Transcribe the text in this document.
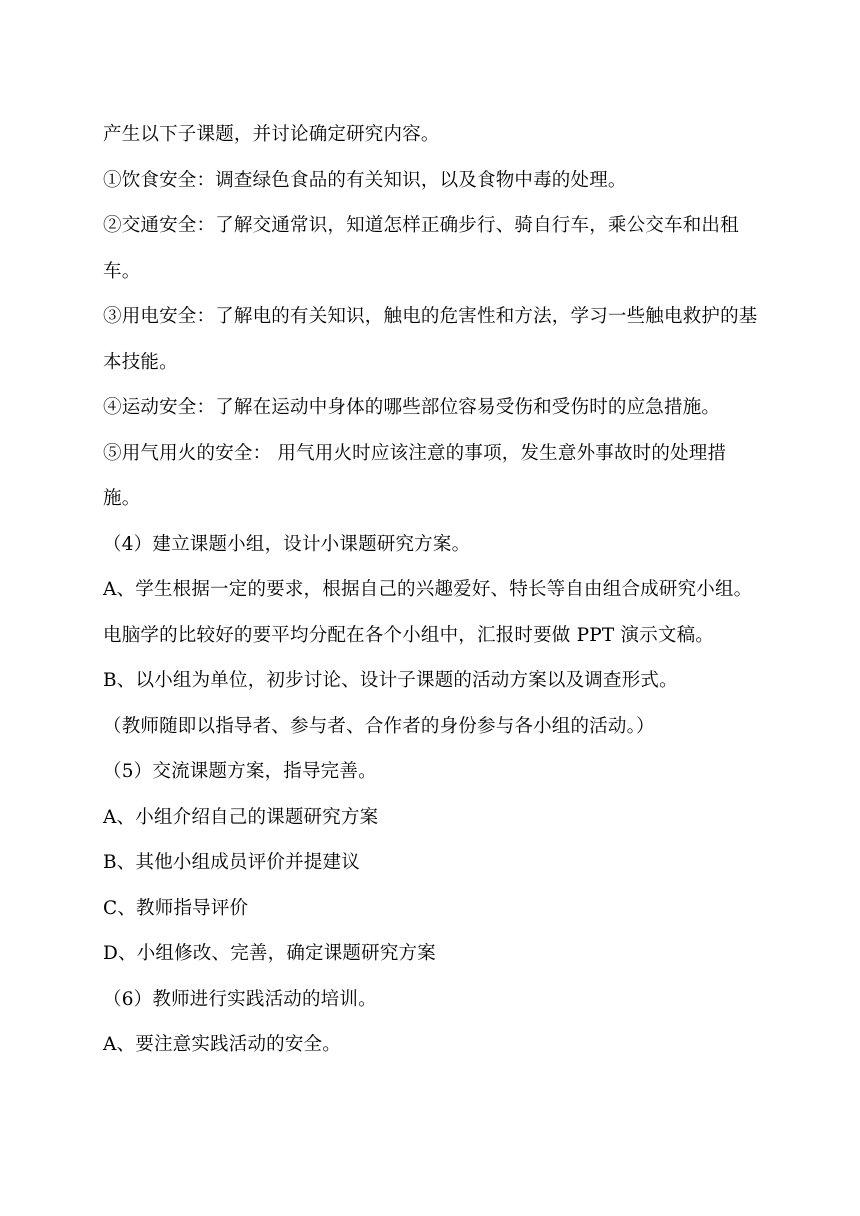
产生以下子课题，并讨论确定研究内容。

①饮食安全：调查绿色食品的有关知识，以及食物中毒的处理。

②交通安全：了解交通常识，知道怎样正确步行、骑自行车，乘公交车和出租车。

③用电安全：了解电的有关知识，触电的危害性和方法，学习一些触电救护的基本技能。

④运动安全：了解在运动中身体的哪些部位容易受伤和受伤时的应急措施。

⑤用气用火的安全： 用气用火时应该注意的事项，发生意外事故时的处理措施。

（4）建立课题小组，设计小课题研究方案。

A、学生根据一定的要求，根据自己的兴趣爱好、特长等自由组合成研究小组。

电脑学的比较好的要平均分配在各个小组中，汇报时要做 PPT 演示文稿。

B、以小组为单位，初步讨论、设计子课题的活动方案以及调查形式。

（教师随即以指导者、参与者、合作者的身份参与各小组的活动。）

（5）交流课题方案，指导完善。

A、小组介绍自己的课题研究方案

B、其他小组成员评价并提建议

C、教师指导评价

D、小组修改、完善，确定课题研究方案

（6）教师进行实践活动的培训。

A、要注意实践活动的安全。
